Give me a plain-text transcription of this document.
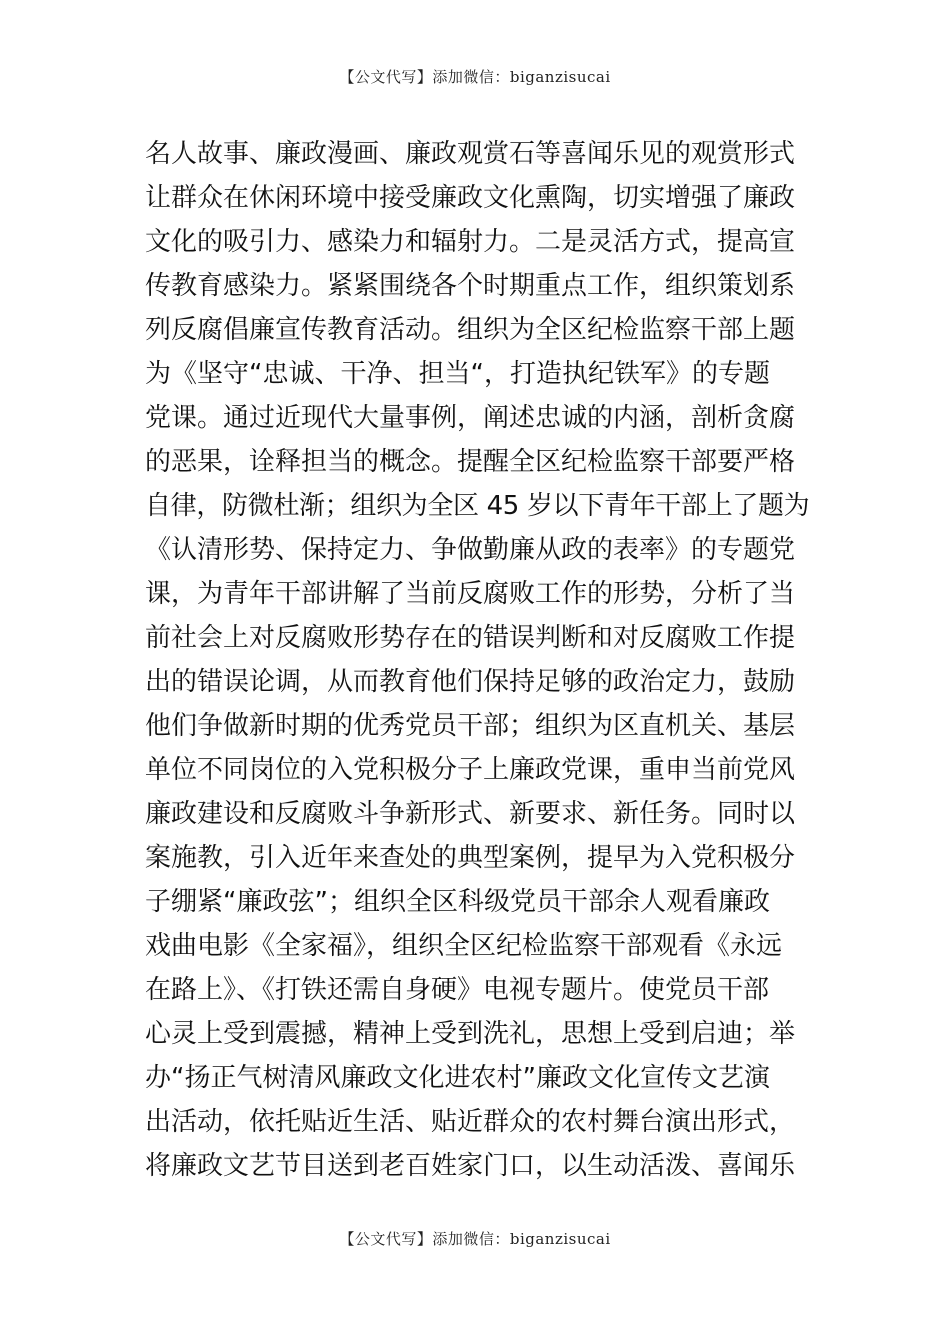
【公文代写】添加微信：biganzisucai
名人故事、廉政漫画、廉政观赏石等喜闻乐见的观赏形式
让群众在休闲环境中接受廉政文化熏陶，切实增强了廉政
文化的吸引力、感染力和辐射力。二是灵活方式，提高宣
传教育感染力。紧紧围绕各个时期重点工作，组织策划系
列反腐倡廉宣传教育活动。组织为全区纪检监察干部上题
为《坚守“忠诚、干净、担当“，打造执纪铁军》的专题
党课。通过近现代大量事例，阐述忠诚的内涵，剖析贪腐
的恶果，诠释担当的概念。提醒全区纪检监察干部要严格
自律，防微杜渐；组织为全区 45 岁以下青年干部上了题为
《认清形势、保持定力、争做勤廉从政的表率》的专题党
课，为青年干部讲解了当前反腐败工作的形势，分析了当
前社会上对反腐败形势存在的错误判断和对反腐败工作提
出的错误论调，从而教育他们保持足够的政治定力，鼓励
他们争做新时期的优秀党员干部；组织为区直机关、基层
单位不同岗位的入党积极分子上廉政党课，重申当前党风
廉政建设和反腐败斗争新形式、新要求、新任务。同时以
案施教，引入近年来查处的典型案例，提早为入党积极分
子绷紧“廉政弦”；组织全区科级党员干部余人观看廉政
戏曲电影《全家福》，组织全区纪检监察干部观看《永远
在路上》、《打铁还需自身硬》电视专题片。使党员干部
心灵上受到震撼，精神上受到洗礼，思想上受到启迪；举
办“扬正气树清风廉政文化进农村”廉政文化宣传文艺演
出活动，依托贴近生活、贴近群众的农村舞台演出形式，
将廉政文艺节目送到老百姓家门口，以生动活泼、喜闻乐
【公文代写】添加微信：biganzisucai
